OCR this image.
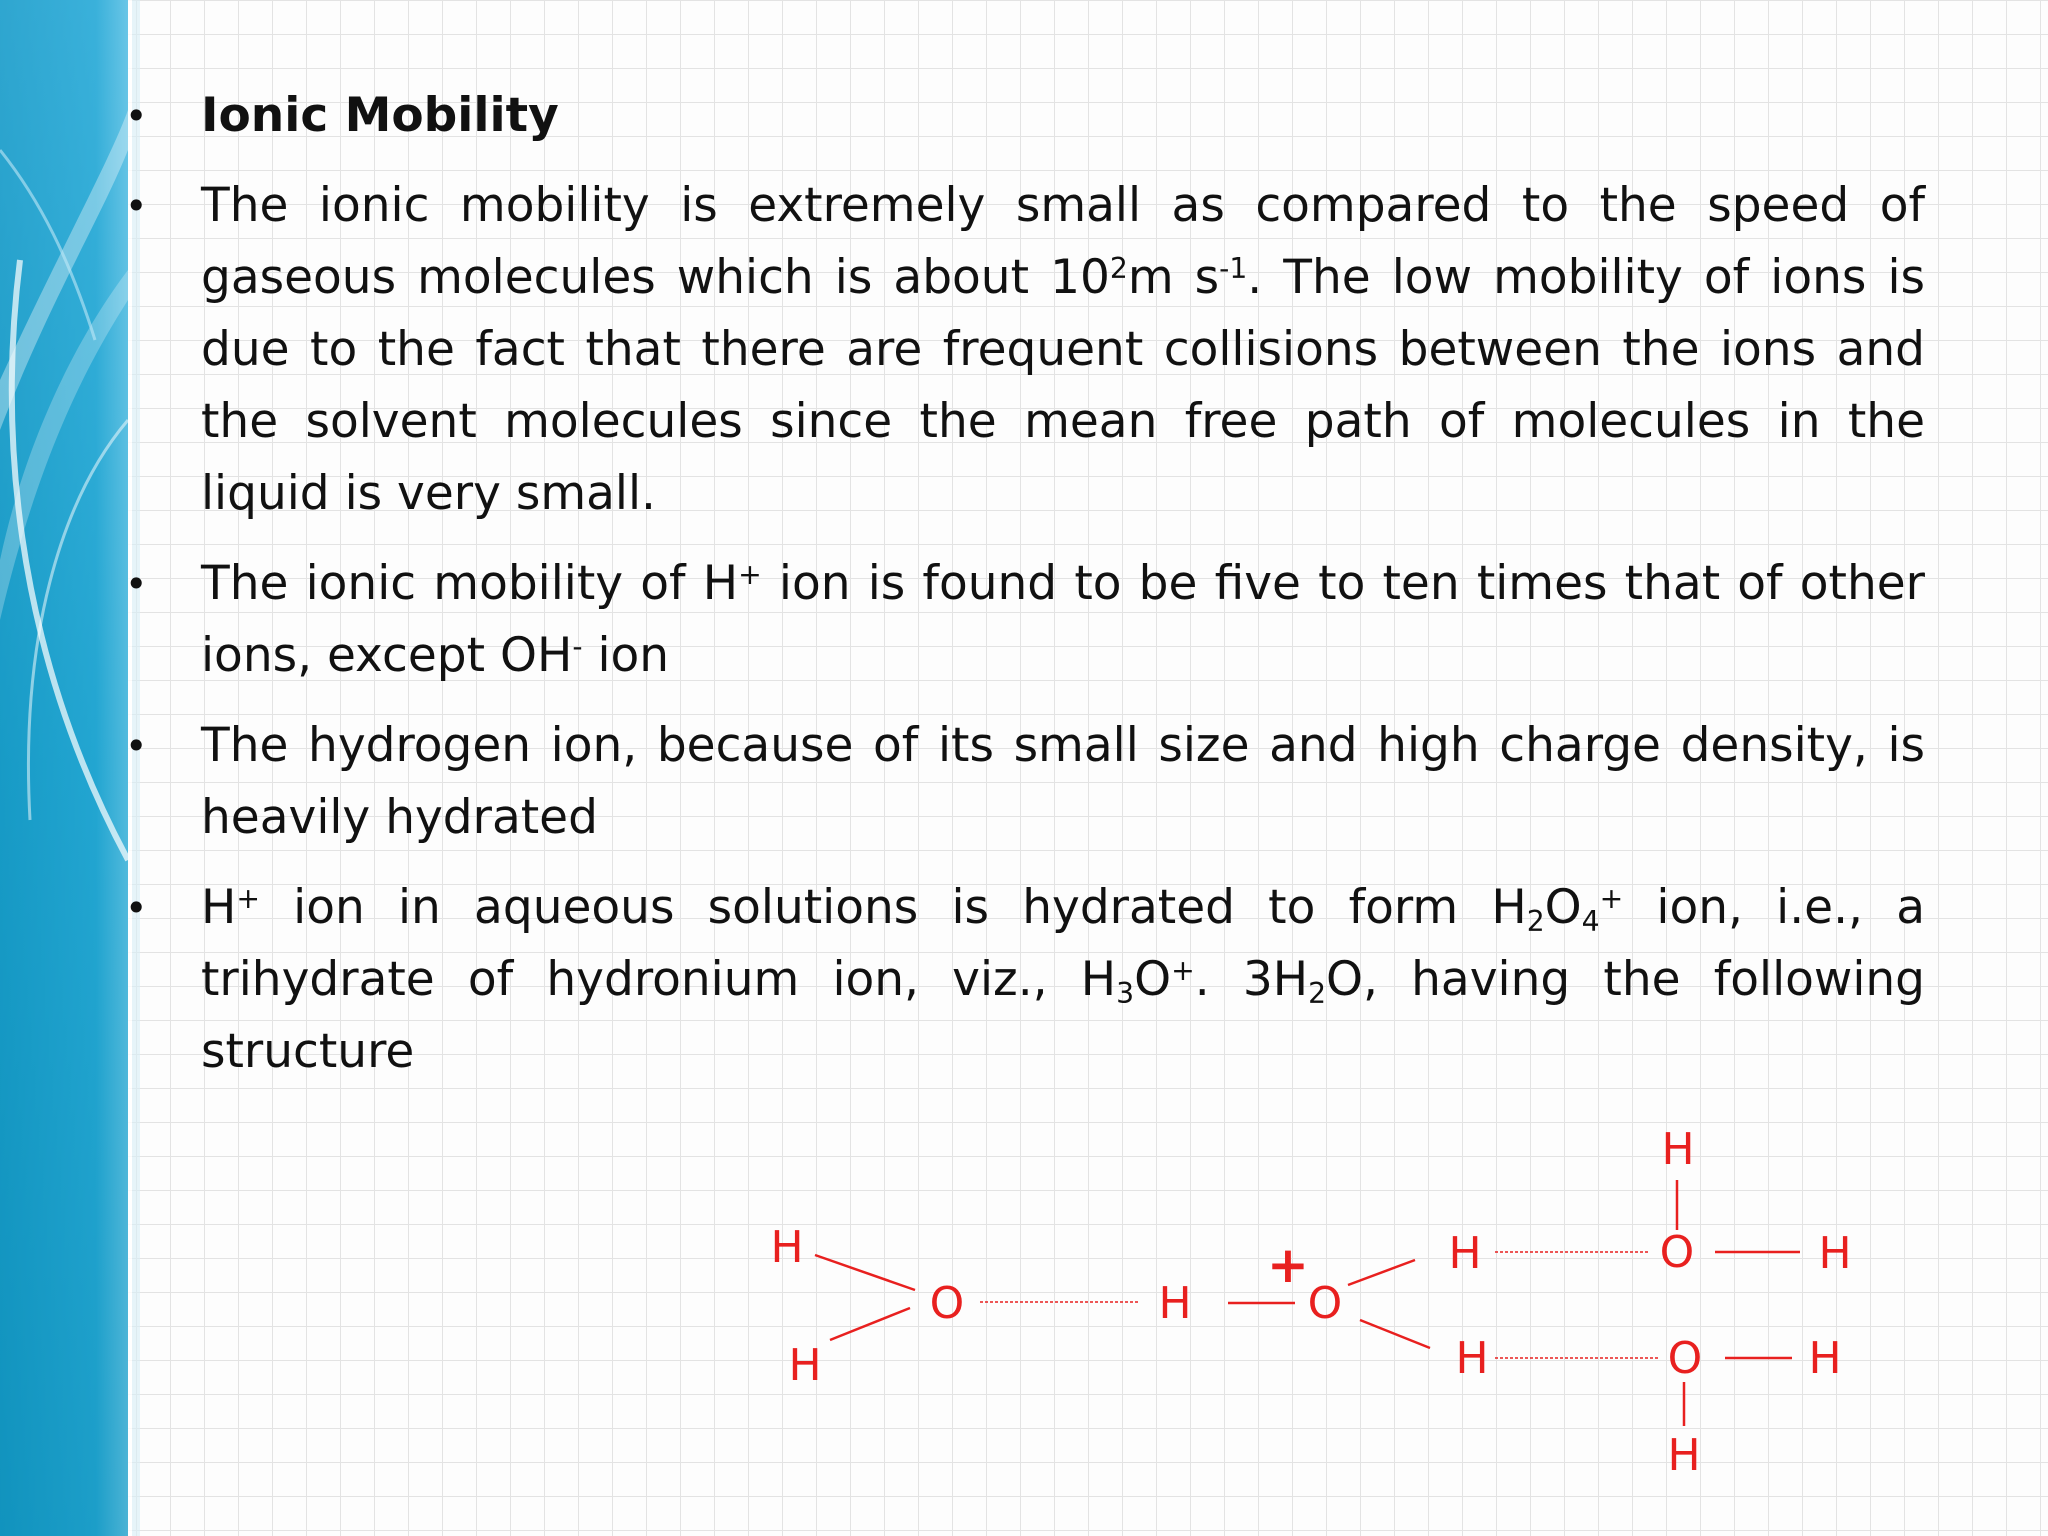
•	Ionic Mobility

•	The ionic mobility is extremely small as compared to the speed of gaseous molecules which is about $10^2m$ $s^{-1}$. The low mobility of ions is due to the fact that there are frequent collisions between the ions and the solvent molecules since the mean free path of molecules in the liquid is very small.

•	The ionic mobility of H+ ion is found to be five to ten times that of other ions, except OH- ion

•	The hydrogen ion, because of its small size and high charge density, is heavily hydrated

•	H+ ion in aqueous solutions is hydrated to form $H_2O_4^+$ ion, i.e., a trihydrate of hydronium ion, viz., $H_3O^+$. $3H_2O$, having the following structure

H
H
O	H	O
+	H
H
H
O	H
O H
H
